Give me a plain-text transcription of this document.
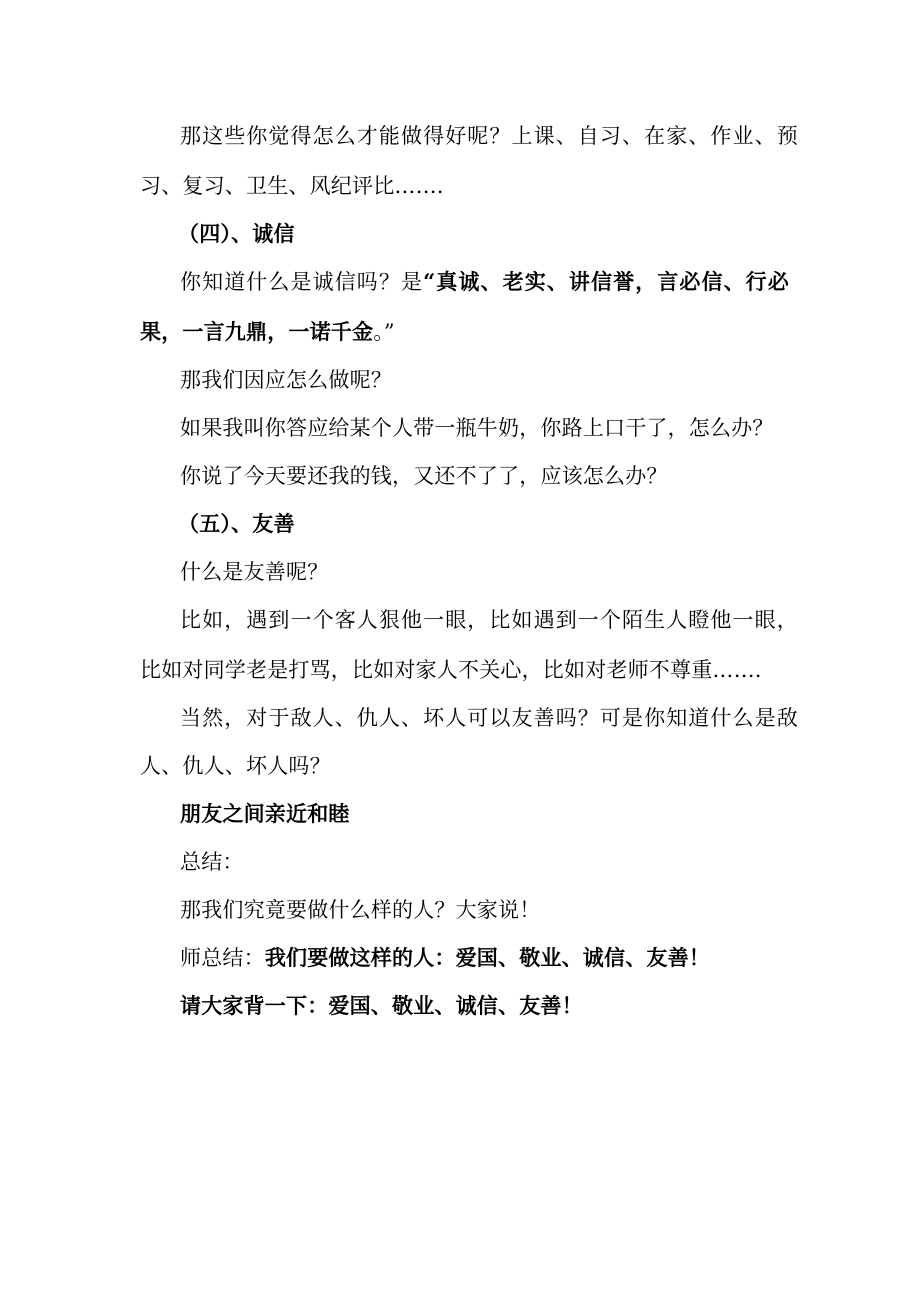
那这些你觉得怎么才能做得好呢？上课、自习、在家、作业、预
习、复习、卫生、风纪评比…….
（四）、诚信
你知道什么是诚信吗？是“真诚、老实、讲信誉，言必信、行必
果，一言九鼎，一诺千金。”
那我们因应怎么做呢？
如果我叫你答应给某个人带一瓶牛奶，你路上口干了，怎么办？
你说了今天要还我的钱，又还不了了，应该怎么办？
（五）、友善
什么是友善呢？
比如，遇到一个客人狠他一眼，比如遇到一个陌生人瞪他一眼，
比如对同学老是打骂，比如对家人不关心，比如对老师不尊重…….
当然，对于敌人、仇人、坏人可以友善吗？可是你知道什么是敌
人、仇人、坏人吗？
朋友之间亲近和睦
总结：
那我们究竟要做什么样的人？大家说！
师总结：我们要做这样的人：爱国、敬业、诚信、友善！
请大家背一下：爱国、敬业、诚信、友善！
